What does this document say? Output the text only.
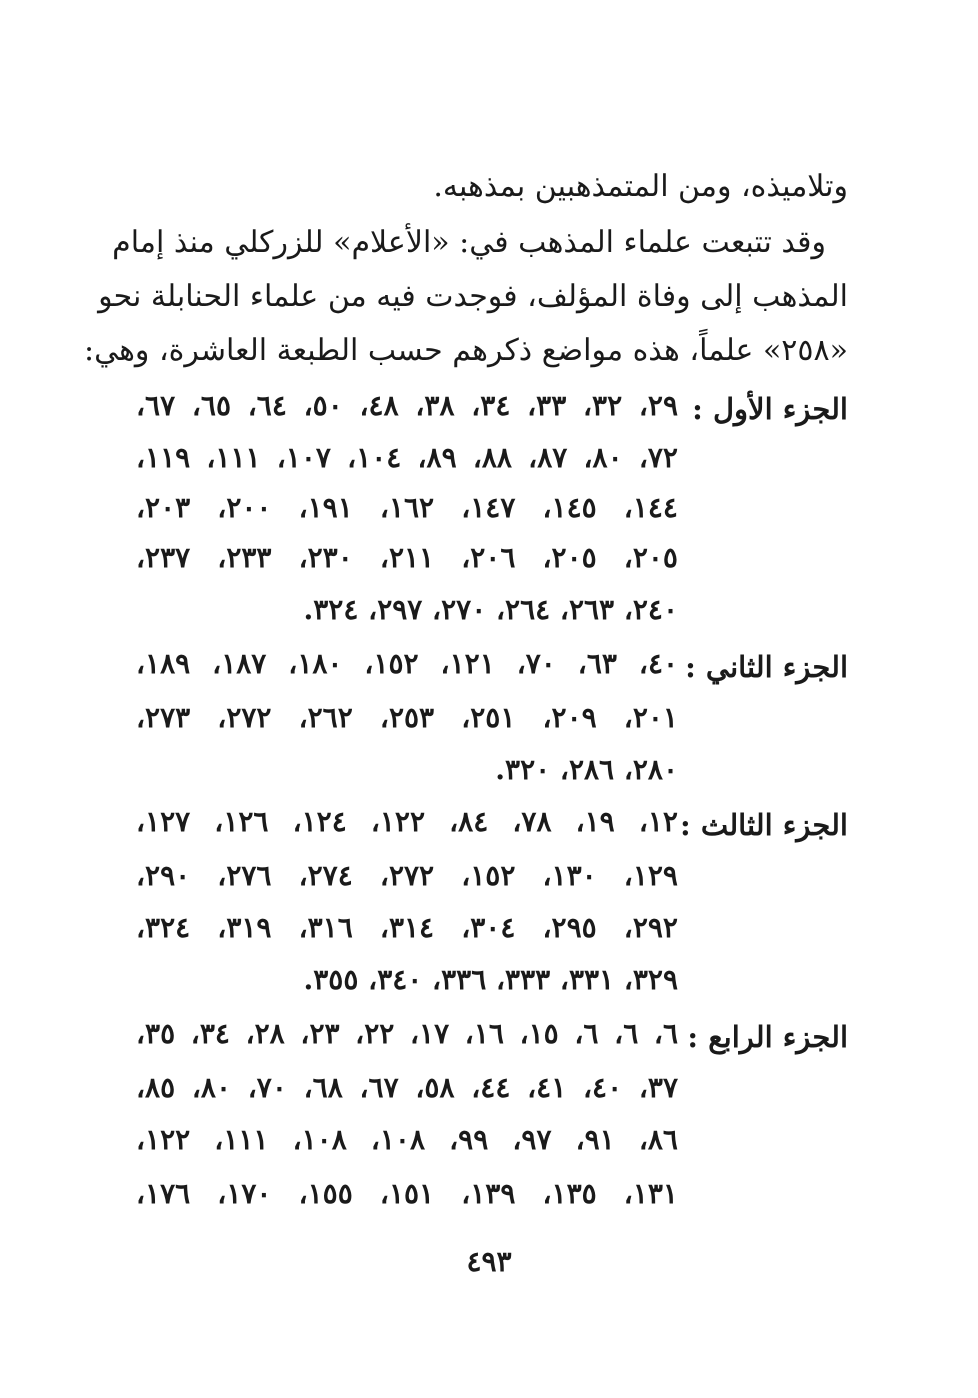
وتلاميذه، ومن المتمذهبين بمذهبه.
وقد تتبعت علماء المذهب في: «الأعلام» للزركلي منذ إمام
المذهب إلى وفاة المؤلف، فوجدت فيه من علماء الحنابلة نحو
«٢٥٨» علماً، هذه مواضع ذكرهم حسب الطبعة العاشرة، وهي:
الجزء الأول :
٢٩، ٣٢، ٣٣، ٣٤، ٣٨، ٤٨، ٥٠، ٦٤، ٦٥، ٦٧،
٧٢، ٨٠، ٨٧، ٨٨، ٨٩، ١٠٤، ١٠٧، ١١١، ١١٩،
١٤٤، ١٤٥، ١٤٧، ١٦٢، ١٩١، ٢٠٠، ٢٠٣،
٢٠٥، ٢٠٥، ٢٠٦، ٢١١، ٢٣٠، ٢٣٣، ٢٣٧،
٢٤٠، ٢٦٣، ٢٦٤، ٢٧٠، ٢٩٧، ٣٢٤.
الجزء الثاني :
٤٠، ٦٣، ٧٠، ١٢١، ١٥٢، ١٨٠، ١٨٧، ١٨٩،
٢٠١، ٢٠٩، ٢٥١، ٢٥٣، ٢٦٢، ٢٧٢، ٢٧٣،
٢٨٠، ٢٨٦، ٣٢٠.
الجزء الثالث :
١٢، ١٩، ٧٨، ٨٤، ١٢٢، ١٢٤، ١٢٦، ١٢٧،
١٢٩، ١٣٠، ١٥٢، ٢٧٢، ٢٧٤، ٢٧٦، ٢٩٠،
٢٩٢، ٢٩٥، ٣٠٤، ٣١٤، ٣١٦، ٣١٩، ٣٢٤،
٣٢٩، ٣٣١، ٣٣٣، ٣٣٦، ٣٤٠، ٣٥٥.
الجزء الرابع :
٦، ٦، ٦، ١٥، ١٦، ١٧، ٢٢، ٢٣، ٢٨، ٣٤، ٣٥،
٣٧، ٤٠، ٤١، ٤٤، ٥٨، ٦٧، ٦٨، ٧٠، ٨٠، ٨٥،
٨٦، ٩١، ٩٧، ٩٩، ١٠٨، ١٠٨، ١١١، ١٢٢،
١٣١، ١٣٥، ١٣٩، ١٥١، ١٥٥، ١٧٠، ١٧٦،
٤٩٣
